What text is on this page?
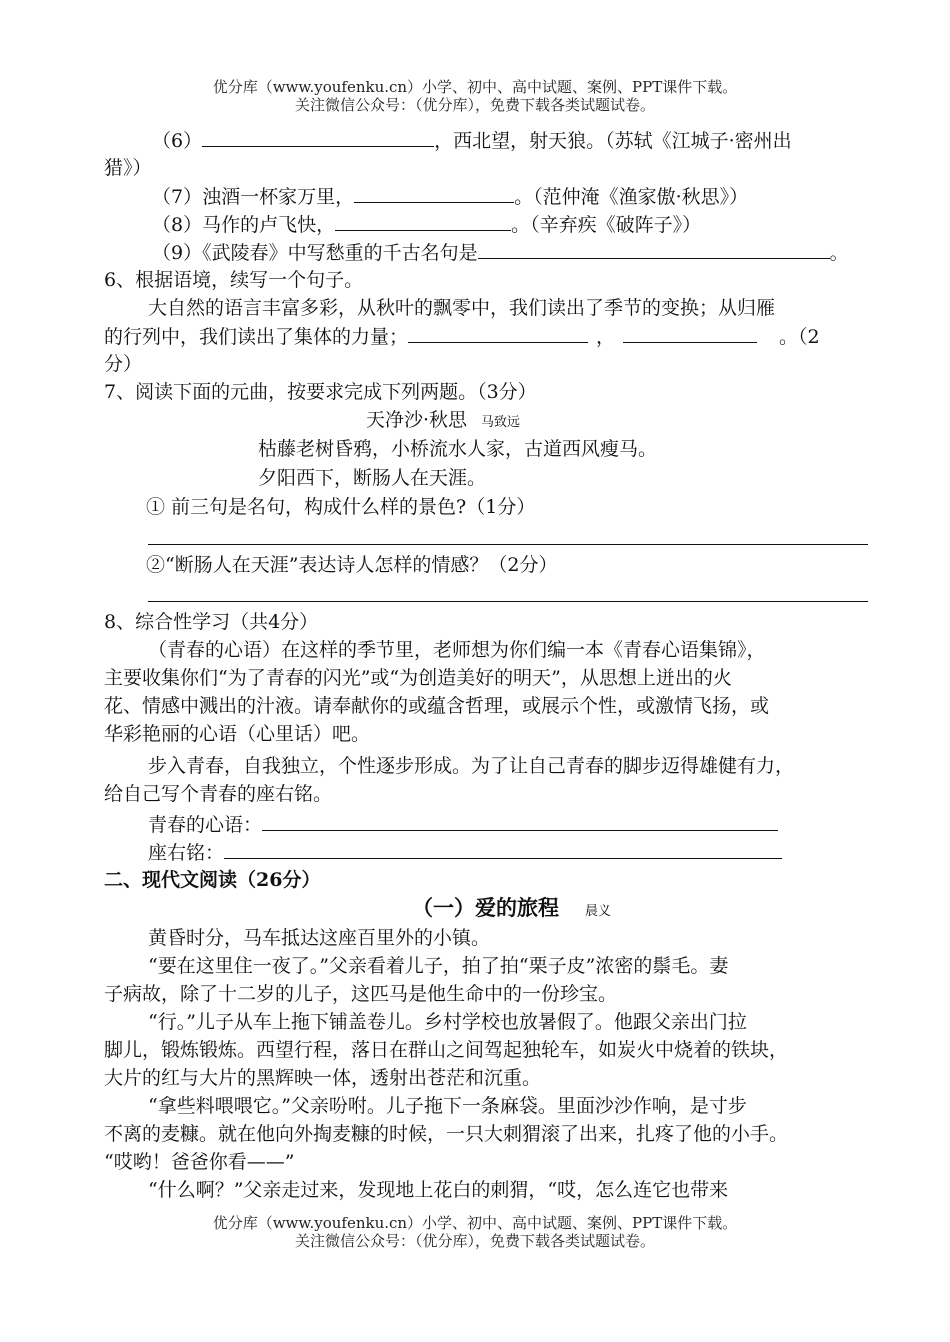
优分库（www.youfenku.cn）小学、初中、高中试题、案例、PPT课件下载。
关注微信公众号：（优分库），免费下载各类试题试卷。
（6）	，西北望，射天狼。（苏轼《江城子·密州出
猎》）
（7）浊酒一杯家万里，	。（范仲淹《渔家傲·秋思》）
（8）马作的卢飞快，	。（辛弃疾《破阵子》）
（9）《武陵春》中写愁重的千古名句是	。
6、根据语境，续写一个句子。
大自然的语言丰富多彩，从秋叶的飘零中，我们读出了季节的变换；从归雁
的行列中，我们读出了集体的力量；	，	。（2
分）
7、阅读下面的元曲，按要求完成下列两题。（3分）
天净沙·秋思 马致远
枯藤老树昏鸦，小桥流水人家，古道西风瘦马。
夕阳西下，断肠人在天涯。
① 前三句是名句，构成什么样的景色?（1分）
②“断肠人在天涯”表达诗人怎样的情感？（2分）
8、综合性学习（共4分）
（青春的心语）在这样的季节里，老师想为你们编一本《青春心语集锦》，
主要收集你们“为了青春的闪光”或“为创造美好的明天”，从思想上迸出的火
花、情感中溅出的汁液。请奉献你的或蕴含哲理，或展示个性，或激情飞扬，或
华彩艳丽的心语（心里话）吧。
步入青春，自我独立，个性逐步形成。为了让自己青春的脚步迈得雄健有力，
给自己写个青春的座右铭。
青春的心语：
座右铭：
二、现代文阅读（26分）
（一）爱的旅程 晨义
黄昏时分，马车抵达这座百里外的小镇。
“要在这里住一夜了。”父亲看着儿子，拍了拍“栗子皮”浓密的鬃毛。妻
子病故，除了十二岁的儿子，这匹马是他生命中的一份珍宝。
“行。”儿子从车上拖下铺盖卷儿。乡村学校也放暑假了。他跟父亲出门拉
脚儿，锻炼锻炼。西望行程，落日在群山之间驾起独轮车，如炭火中烧着的铁块，
大片的红与大片的黑辉映一体，透射出苍茫和沉重。
“拿些料喂喂它。”父亲吩咐。儿子拖下一条麻袋。里面沙沙作响，是寸步
不离的麦糠。就在他向外掏麦糠的时候，一只大刺猬滚了出来，扎疼了他的小手。
“哎哟！爸爸你看——”
“什么啊？”父亲走过来，发现地上花白的刺猬，“哎，怎么连它也带来
优分库（www.youfenku.cn）小学、初中、高中试题、案例、PPT课件下载。
关注微信公众号：（优分库），免费下载各类试题试卷。
